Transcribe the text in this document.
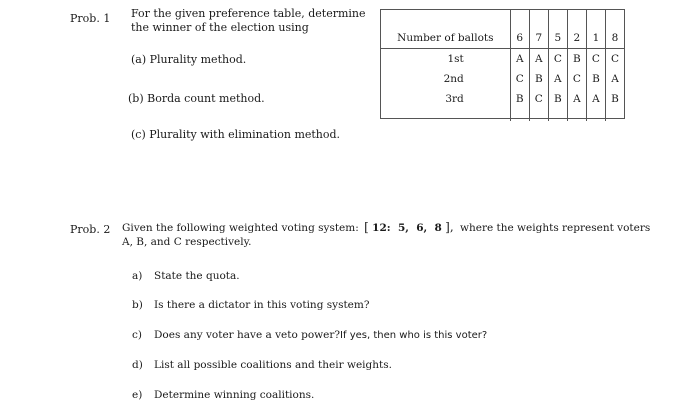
Prob. 1 For the given preference table, determine
the winner of the election using
(a) Plurality method.
(b) Borda count method.
(c) Plurality with elimination method.

Number of ballots	6	7	5	2	1	8
1st	A	A	C	B	C	C
2nd	C	B	A	C	B	A
3rd	B	C	B	A	A	B

Prob. 2 Given the following weighted voting system: [ 12:  5,  6,  8 ], where the weights represent voters
A, B, and C respectively.
a) State the quota.
b) Is there a dictator in this voting system?
c) Does any voter have a veto power?If yes, then who is this voter?
d) List all possible coalitions and their weights.
e) Determine winning coalitions.
